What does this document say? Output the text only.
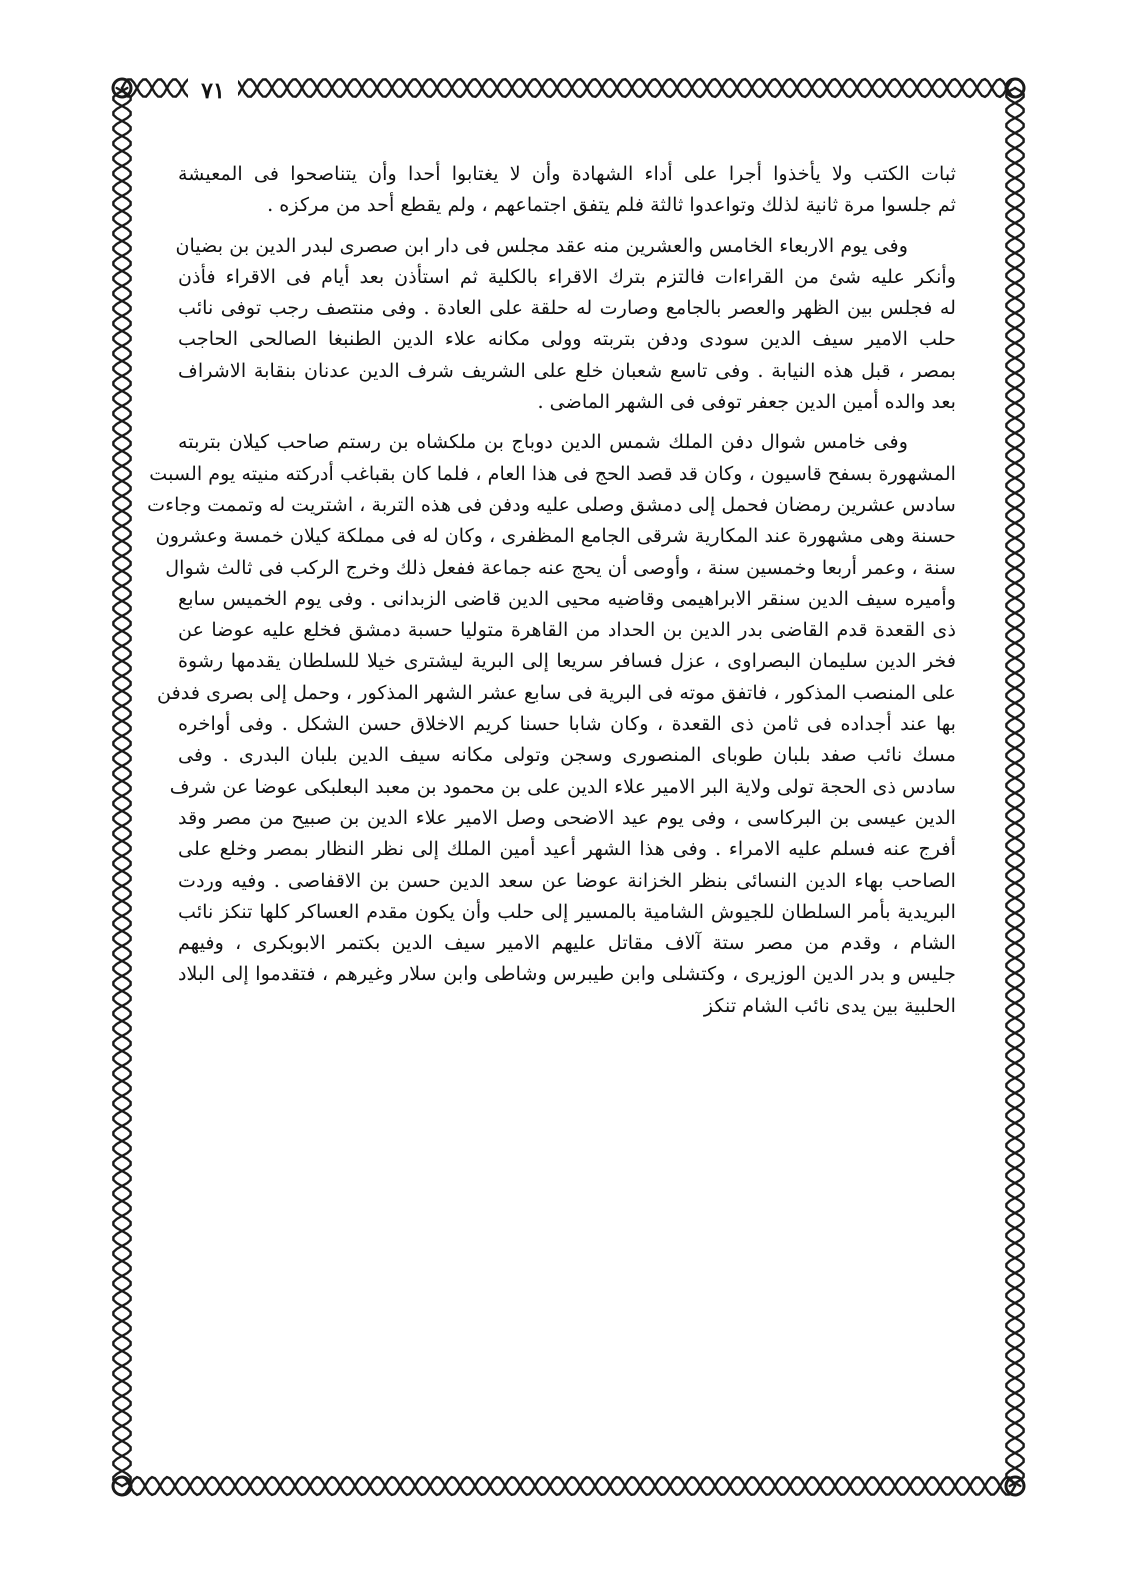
٧١
ثبات الكتب ولا يأخذوا أجرا على أداء الشهادة وأن لا يغتابوا أحدا وأن يتناصحوا فى المعيشة
ثم جلسوا مرة ثانية لذلك وتواعدوا ثالثة فلم يتفق اجتماعهم ، ولم يقطع أحد من مركزه .
وفى يوم الاربعاء الخامس والعشرين منه عقد مجلس فى دار ابن صصرى لبدر الدين بن بضيان
وأنكر عليه شئ من القراءات فالتزم بترك الاقراء بالكلية ثم استأذن بعد أيام فى الاقراء فأذن
له فجلس بين الظهر والعصر بالجامع وصارت له حلقة على العادة . وفى منتصف رجب توفى نائب
حلب الامير سيف الدين سودى ودفن بتربته وولى مكانه علاء الدين الطنبغا الصالحى الحاجب
بمصر ، قبل هذه النيابة . وفى تاسع شعبان خلع على الشريف شرف الدين عدنان بنقابة الاشراف
بعد والده أمين الدين جعفر توفى فى الشهر الماضى .
وفى خامس شوال دفن الملك شمس الدين دوباج بن ملكشاه بن رستم صاحب كيلان بتربته
المشهورة بسفح قاسيون ، وكان قد قصد الحج فى هذا العام ، فلما كان بقباغب أدركته منيته يوم السبت
سادس عشرين رمضان فحمل إلى دمشق وصلى عليه ودفن فى هذه التربة ، اشتريت له وتممت وجاءت
حسنة وهى مشهورة عند المكارية شرقى الجامع المظفرى ، وكان له فى مملكة كيلان خمسة وعشرون
سنة ، وعمر أربعا وخمسين سنة ، وأوصى أن يحج عنه جماعة ففعل ذلك وخرج الركب فى ثالث شوال
وأميره سيف الدين سنقر الابراهيمى وقاضيه محيى الدين قاضى الزبدانى . وفى يوم الخميس سابع
ذى القعدة قدم القاضى بدر الدين بن الحداد من القاهرة متوليا حسبة دمشق فخلع عليه عوضا عن
فخر الدين سليمان البصراوى ، عزل فسافر سريعا إلى البرية ليشترى خيلا للسلطان يقدمها رشوة
على المنصب المذكور ، فاتفق موته فى البرية فى سابع عشر الشهر المذكور ، وحمل إلى بصرى فدفن
بها عند أجداده فى ثامن ذى القعدة ، وكان شابا حسنا كريم الاخلاق حسن الشكل . وفى أواخره
مسك نائب صفد بلبان طوباى المنصورى وسجن وتولى مكانه سيف الدين بلبان البدرى . وفى
سادس ذى الحجة تولى ولاية البر الامير علاء الدين على بن محمود بن معبد البعلبكى عوضا عن شرف
الدين عيسى بن البركاسى ، وفى يوم عيد الاضحى وصل الامير علاء الدين بن صبيح من مصر وقد
أفرج عنه فسلم عليه الامراء . وفى هذا الشهر أعيد أمين الملك إلى نظر النظار بمصر وخلع على
الصاحب بهاء الدين النسائى بنظر الخزانة عوضا عن سعد الدين حسن بن الاقفاصى . وفيه وردت
البريدية بأمر السلطان للجيوش الشامية بالمسير إلى حلب وأن يكون مقدم العساكر كلها تنكز نائب
الشام ، وقدم من مصر ستة آلاف مقاتل عليهم الامير سيف الدين بكتمر الابوبكرى ، وفيهم
جليس و بدر الدين الوزيرى ، وكتشلى وابن طيبرس وشاطى وابن سلار وغيرهم ، فتقدموا إلى البلاد
الحلبية بين يدى نائب الشام تنكز
